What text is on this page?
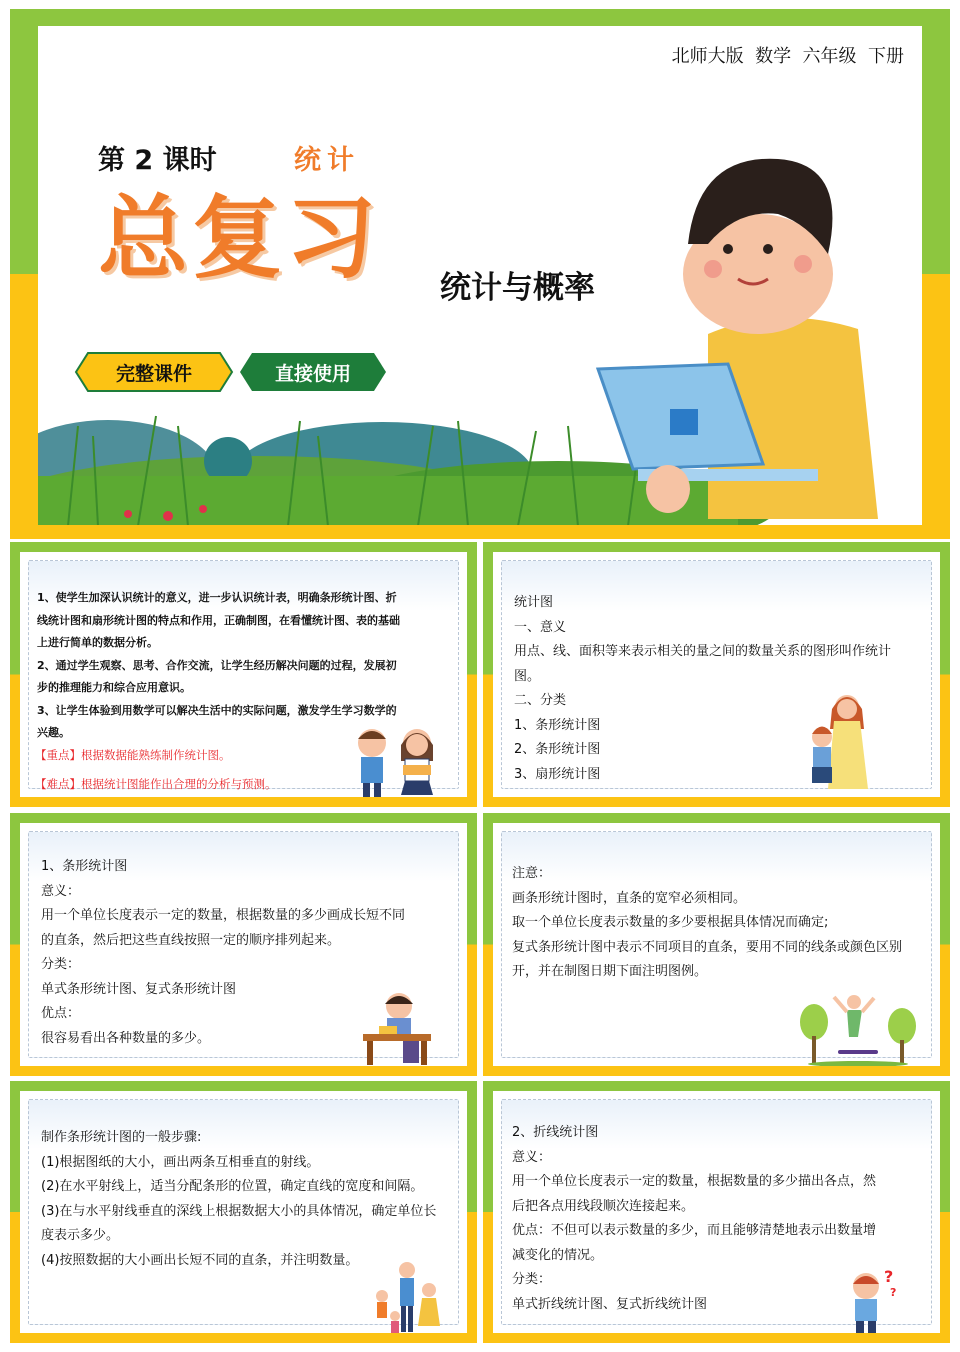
北师大版  数学  六年级  下册
第 2 课时	统计
总复习 统计与概率
完整课件	直接使用
1、使学生加深认识统计的意义，进一步认识统计表，明确条形统计图、折
线统计图和扇形统计图的特点和作用，正确制图，在看懂统计图、表的基础
上进行简单的数据分析。
2、通过学生观察、思考、合作交流，让学生经历解决问题的过程，发展初
步的推理能力和综合应用意识。
3、让学生体验到用数学可以解决生活中的实际问题，激发学生学习数学的
兴趣。
【重点】根据数据能熟练制作统计图。
【难点】根据统计图能作出合理的分析与预测。
统计图
一、意义
用点、线、面积等来表示相关的量之间的数量关系的图形叫作统计
图。
二、分类
1、条形统计图
2、条形统计图
3、扇形统计图
1、条形统计图
意义：
用一个单位长度表示一定的数量，根据数量的多少画成长短不同
的直条，然后把这些直线按照一定的顺序排列起来。
分类：
单式条形统计图、复式条形统计图
优点：
很容易看出各种数量的多少。
注意：
画条形统计图时，直条的宽窄必须相同。
取一个单位长度表示数量的多少要根据具体情况而确定;
复式条形统计图中表示不同项目的直条，要用不同的线条或颜色区别
开，并在制图日期下面注明图例。
制作条形统计图的一般步骤:
(1)根据图纸的大小，画出两条互相垂直的射线。
(2)在水平射线上，适当分配条形的位置，确定直线的宽度和间隔。
(3)在与水平射线垂直的深线上根据数据大小的具体情况，确定单位长
度表示多少。
(4)按照数据的大小画出长短不同的直条，并注明数量。
2、折线统计图
意义：
用一个单位长度表示一定的数量，根据数量的多少描出各点，然
后把各点用线段顺次连接起来。
优点：不但可以表示数量的多少，而且能够清楚地表示出数量增
减变化的情况。
分类：
单式折线统计图、复式折线统计图
?
?
